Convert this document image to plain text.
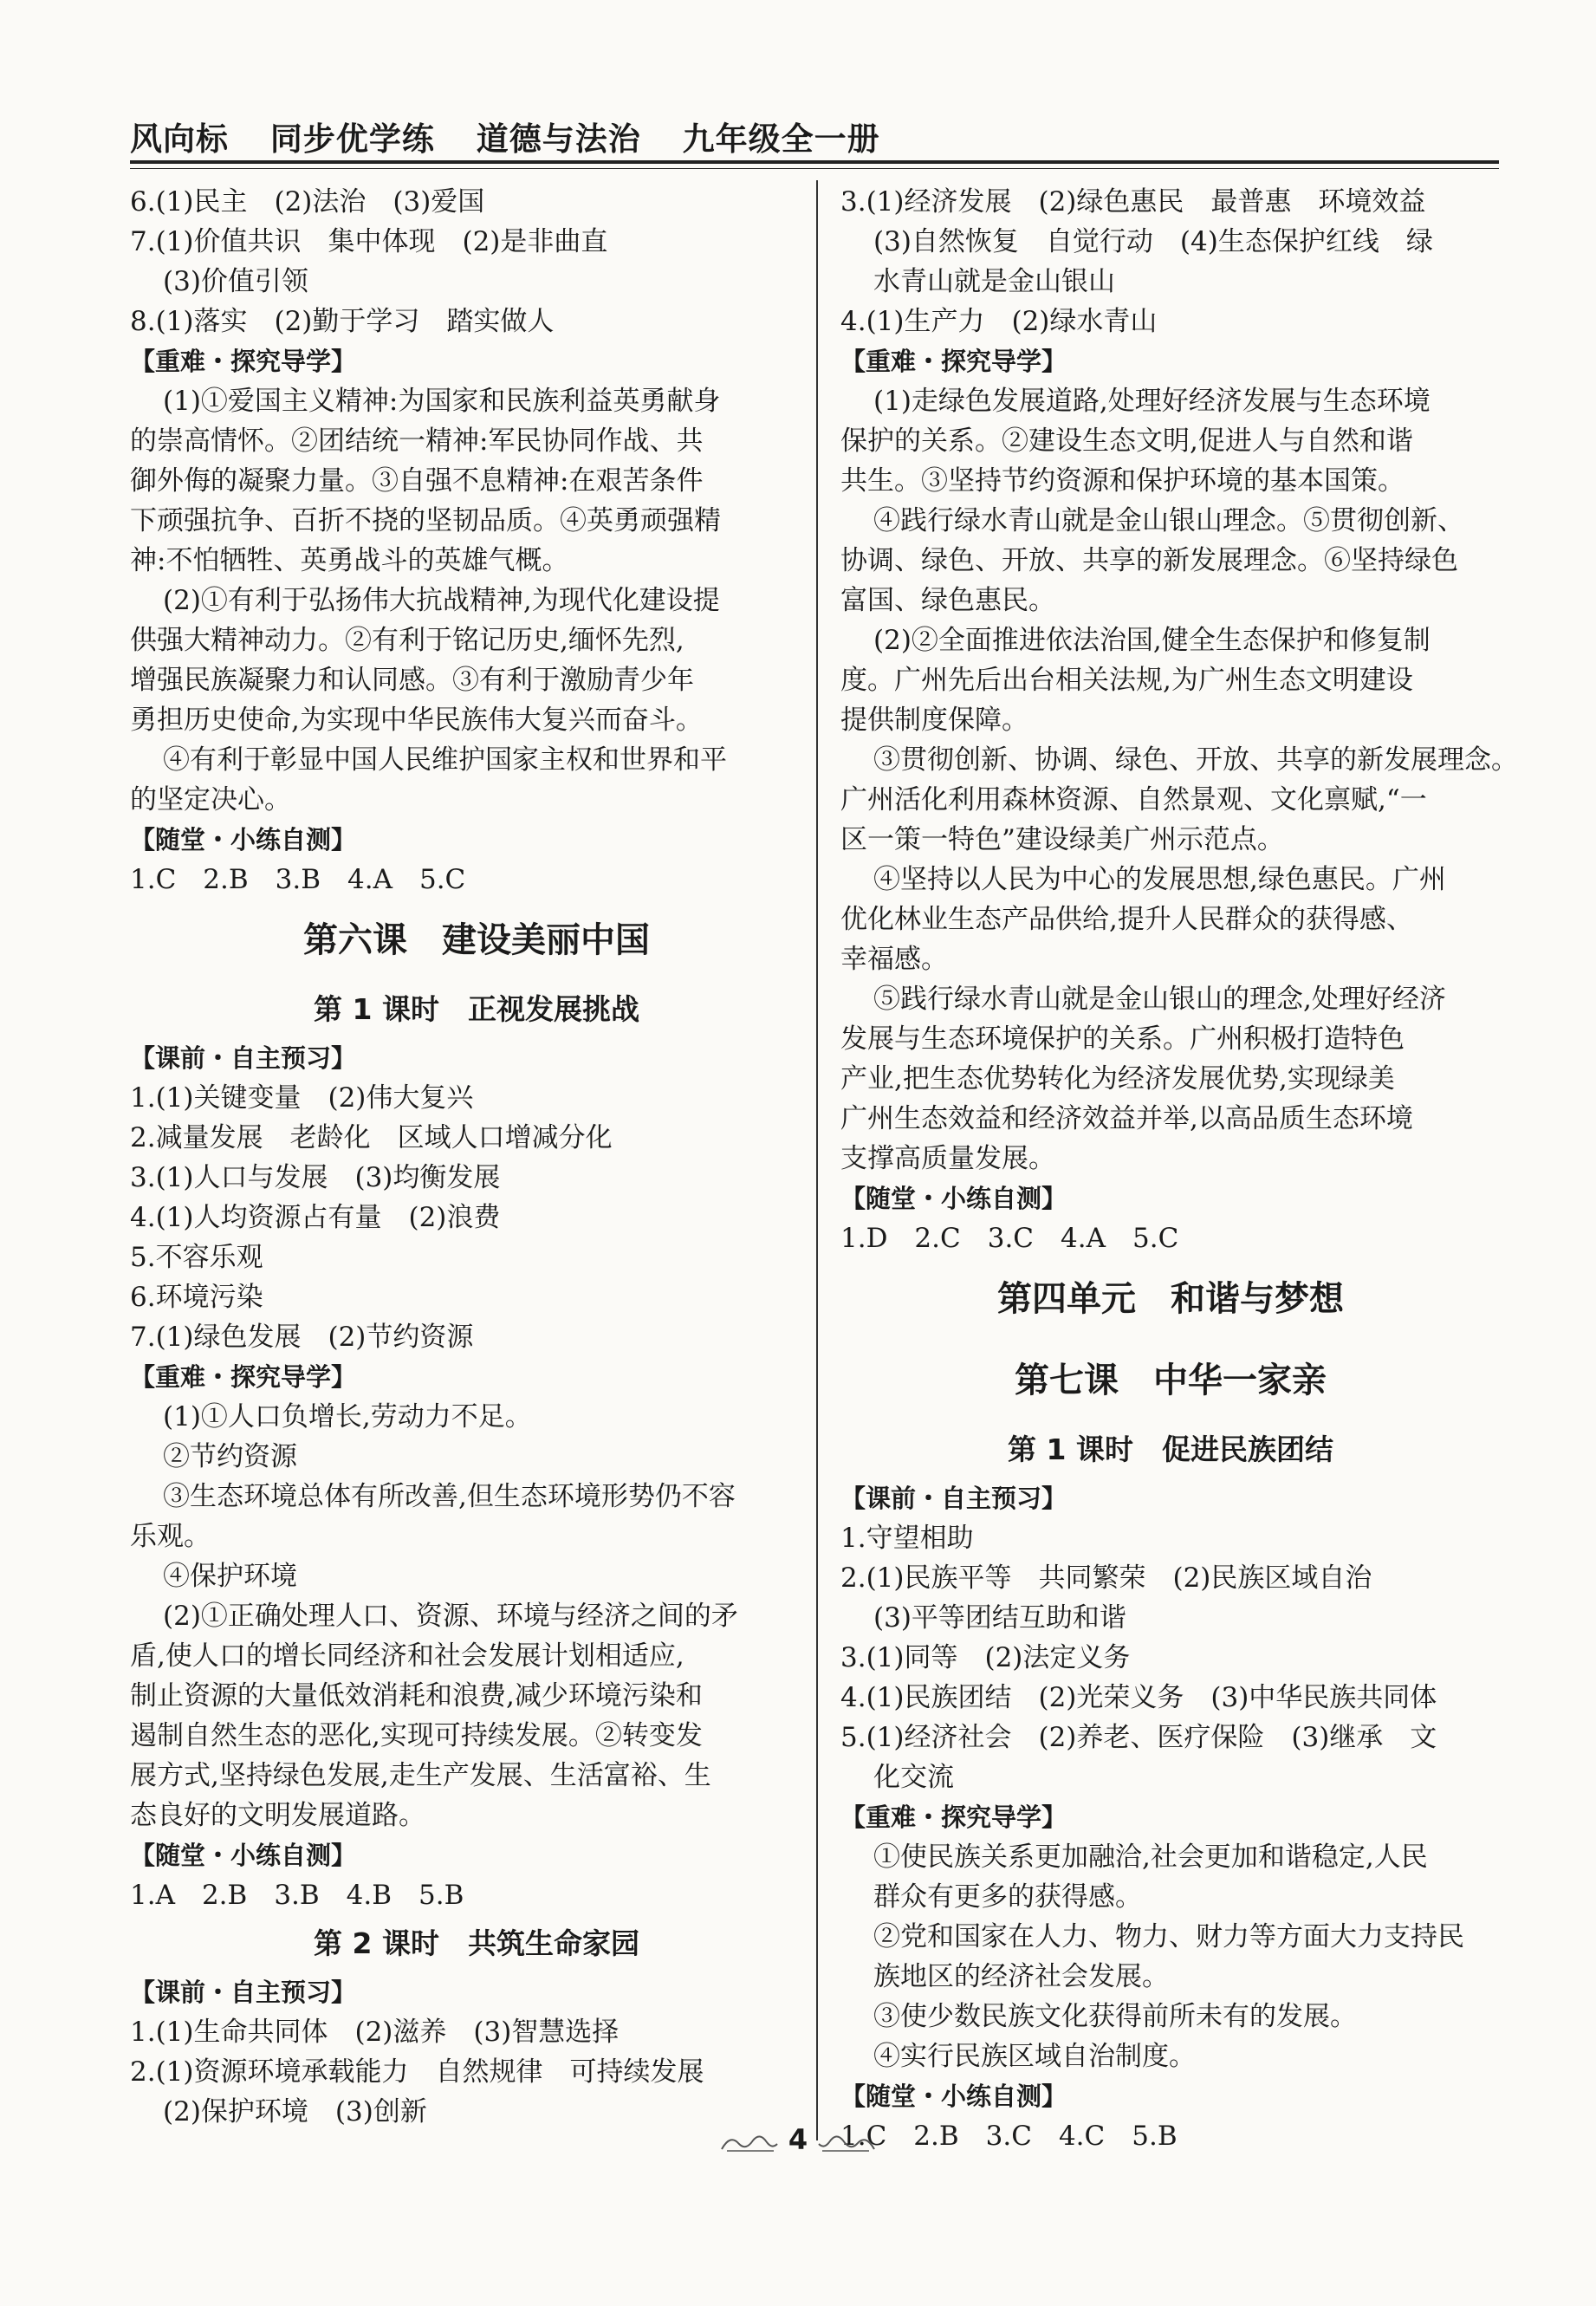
风向标 同步优学练 道德与法治 九年级全一册
6.(1)民主　(2)法治　(3)爱国
7.(1)价值共识　集中体现　(2)是非曲直
(3)价值引领
8.(1)落实　(2)勤于学习　踏实做人
【重难・探究导学】
(1)①爱国主义精神:为国家和民族利益英勇献身
的崇高情怀。②团结统一精神:军民协同作战、共
御外侮的凝聚力量。③自强不息精神:在艰苦条件
下顽强抗争、百折不挠的坚韧品质。④英勇顽强精
神:不怕牺牲、英勇战斗的英雄气概。
(2)①有利于弘扬伟大抗战精神,为现代化建设提
供强大精神动力。②有利于铭记历史,缅怀先烈,
增强民族凝聚力和认同感。③有利于激励青少年
勇担历史使命,为实现中华民族伟大复兴而奋斗。
④有利于彰显中国人民维护国家主权和世界和平
的坚定决心。
【随堂・小练自测】
1.C　2.B　3.B　4.A　5.C
第六课　建设美丽中国
第 1 课时　正视发展挑战
【课前・自主预习】
1.(1)关键变量　(2)伟大复兴
2.减量发展　老龄化　区域人口增减分化
3.(1)人口与发展　(3)均衡发展
4.(1)人均资源占有量　(2)浪费
5.不容乐观
6.环境污染
7.(1)绿色发展　(2)节约资源
【重难・探究导学】
(1)①人口负增长,劳动力不足。
②节约资源
③生态环境总体有所改善,但生态环境形势仍不容
乐观。
④保护环境
(2)①正确处理人口、资源、环境与经济之间的矛
盾,使人口的增长同经济和社会发展计划相适应,
制止资源的大量低效消耗和浪费,减少环境污染和
遏制自然生态的恶化,实现可持续发展。②转变发
展方式,坚持绿色发展,走生产发展、生活富裕、生
态良好的文明发展道路。
【随堂・小练自测】
1.A　2.B　3.B　4.B　5.B
第 2 课时　共筑生命家园
【课前・自主预习】
1.(1)生命共同体　(2)滋养　(3)智慧选择
2.(1)资源环境承载能力　自然规律　可持续发展
(2)保护环境　(3)创新
3.(1)经济发展　(2)绿色惠民　最普惠　环境效益
(3)自然恢复　自觉行动　(4)生态保护红线　绿
水青山就是金山银山
4.(1)生产力　(2)绿水青山
【重难・探究导学】
(1)走绿色发展道路,处理好经济发展与生态环境
保护的关系。②建设生态文明,促进人与自然和谐
共生。③坚持节约资源和保护环境的基本国策。
④践行绿水青山就是金山银山理念。⑤贯彻创新、
协调、绿色、开放、共享的新发展理念。⑥坚持绿色
富国、绿色惠民。
(2)②全面推进依法治国,健全生态保护和修复制
度。广州先后出台相关法规,为广州生态文明建设
提供制度保障。
③贯彻创新、协调、绿色、开放、共享的新发展理念。
广州活化利用森林资源、自然景观、文化禀赋,“一
区一策一特色”建设绿美广州示范点。
④坚持以人民为中心的发展思想,绿色惠民。广州
优化林业生态产品供给,提升人民群众的获得感、
幸福感。
⑤践行绿水青山就是金山银山的理念,处理好经济
发展与生态环境保护的关系。广州积极打造特色
产业,把生态优势转化为经济发展优势,实现绿美
广州生态效益和经济效益并举,以高品质生态环境
支撑高质量发展。
【随堂・小练自测】
1.D　2.C　3.C　4.A　5.C
第四单元　和谐与梦想
第七课　中华一家亲
第 1 课时　促进民族团结
【课前・自主预习】
1.守望相助
2.(1)民族平等　共同繁荣　(2)民族区域自治
(3)平等团结互助和谐
3.(1)同等　(2)法定义务
4.(1)民族团结　(2)光荣义务　(3)中华民族共同体
5.(1)经济社会　(2)养老、医疗保险　(3)继承　文
化交流
【重难・探究导学】
①使民族关系更加融洽,社会更加和谐稳定,人民
群众有更多的获得感。
②党和国家在人力、物力、财力等方面大力支持民
族地区的经济社会发展。
③使少数民族文化获得前所未有的发展。
④实行民族区域自治制度。
【随堂・小练自测】
1.C　2.B　3.C　4.C　5.B
4
